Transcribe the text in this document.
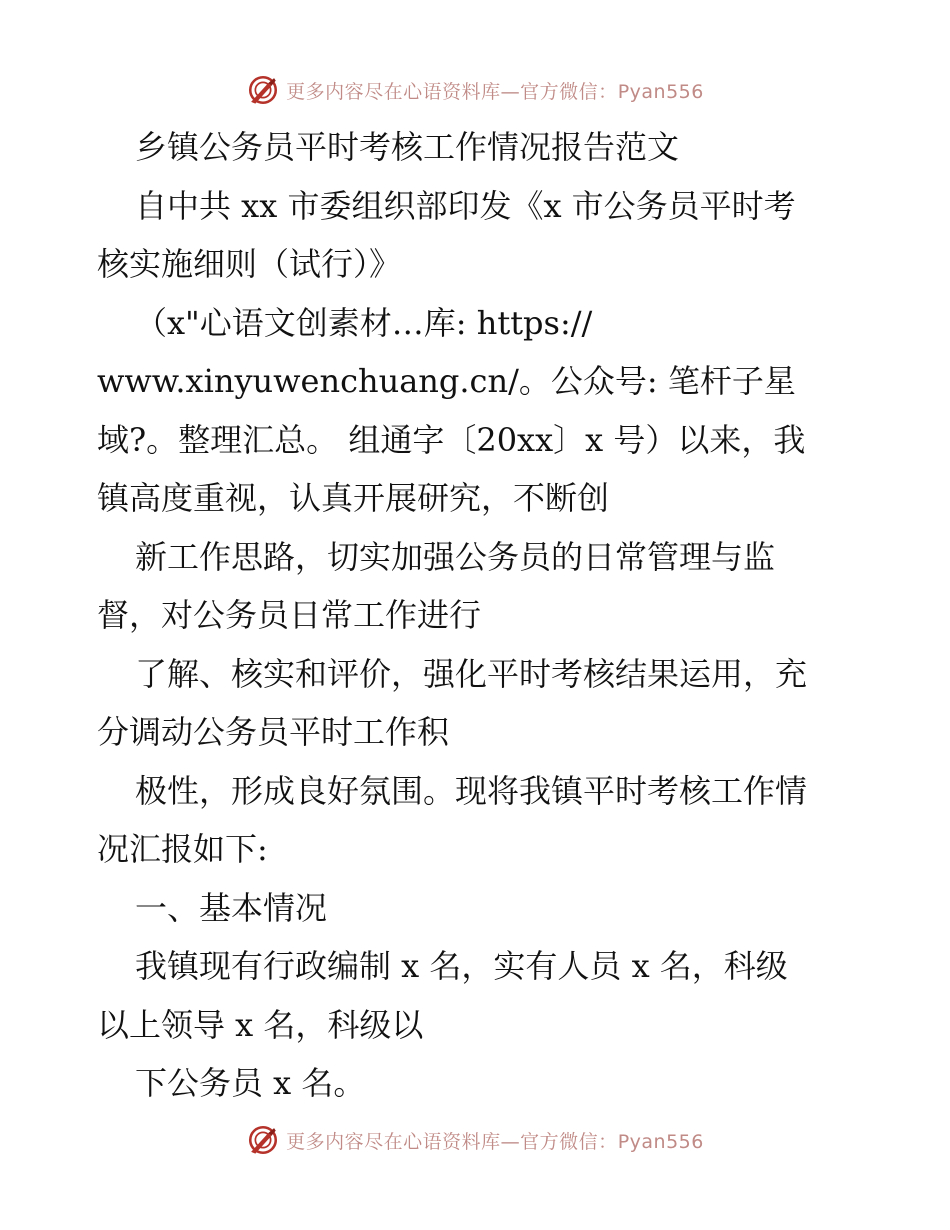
更多内容尽在心语资料库—官方微信：Pyan556
乡镇公务员平时考核工作情况报告范文
自中共 xx 市委组织部印发《x 市公务员平时考
核实施细则（试行）》
（x"心语文创素材…库: https://
www.xinyuwenchuang.cn/。公众号: 笔杆子星
域?。整理汇总。 组通字〔20xx〕x 号）以来，我
镇高度重视，认真开展研究，不断创
新工作思路，切实加强公务员的日常管理与监
督，对公务员日常工作进行
了解、核实和评价，强化平时考核结果运用，充
分调动公务员平时工作积
极性，形成良好氛围。现将我镇平时考核工作情
况汇报如下:
一、基本情况
我镇现有行政编制 x 名，实有人员 x 名，科级
以上领导 x 名，科级以
下公务员 x 名。
更多内容尽在心语资料库—官方微信：Pyan556
